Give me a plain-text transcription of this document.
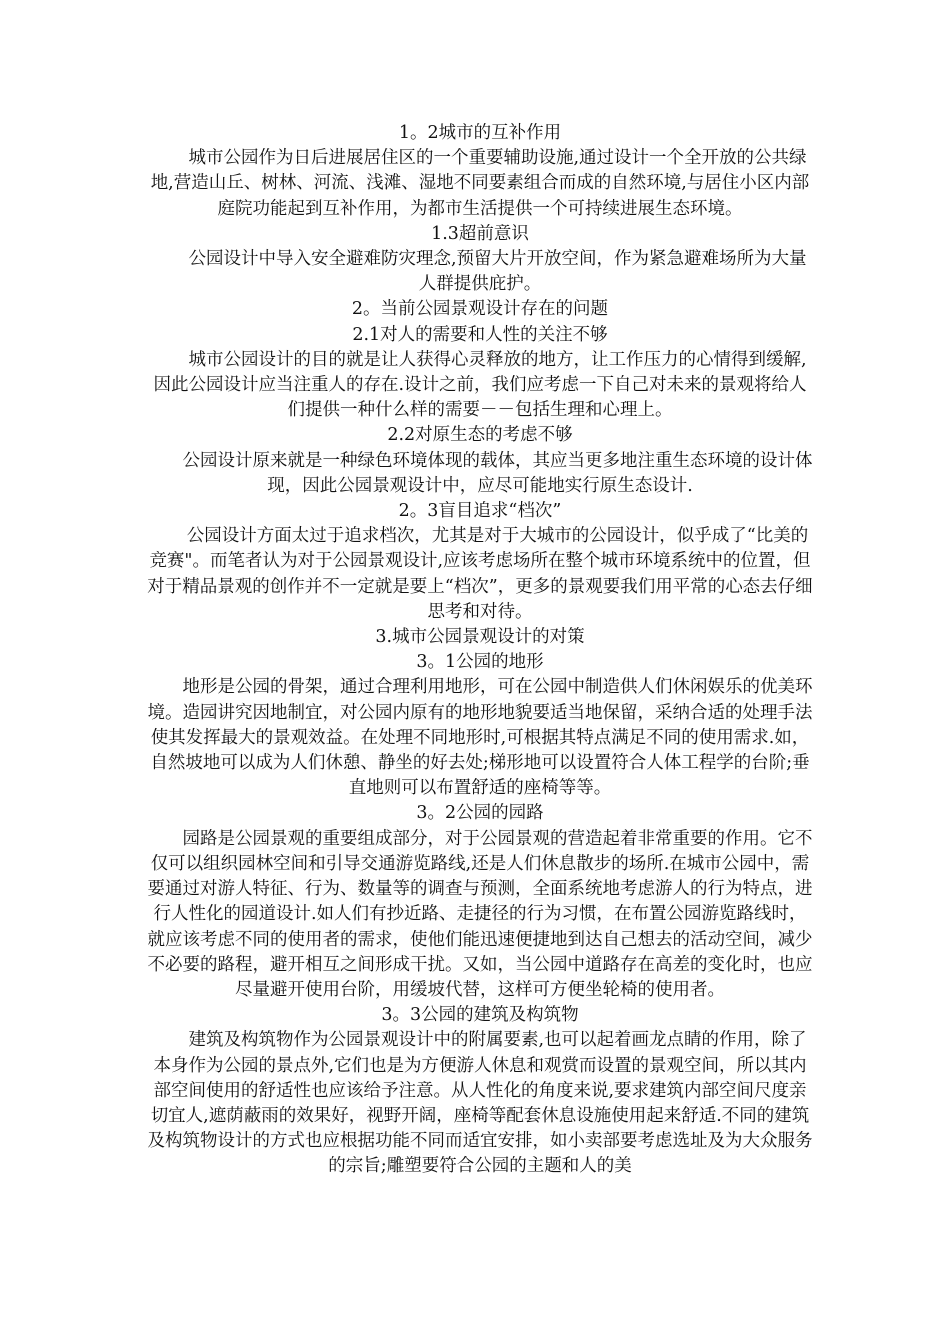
1。2城市的互补作用

城市公园作为日后进展居住区的一个重要辅助设施,通过设计一个全开放的公共绿地,营造山丘、树林、河流、浅滩、湿地不同要素组合而成的自然环境,与居住小区内部庭院功能起到互补作用，为都市生活提供一个可持续进展生态环境。

1.3超前意识

公园设计中导入安全避难防灾理念,预留大片开放空间，作为紧急避难场所为大量人群提供庇护。

2。当前公园景观设计存在的问题

2.1对人的需要和人性的关注不够

城市公园设计的目的就是让人获得心灵释放的地方，让工作压力的心情得到缓解,因此公园设计应当注重人的存在.设计之前，我们应考虑一下自己对未来的景观将给人们提供一种什么样的需要－－包括生理和心理上。

2.2对原生态的考虑不够

公园设计原来就是一种绿色环境体现的载体，其应当更多地注重生态环境的设计体现，因此公园景观设计中，应尽可能地实行原生态设计.

2。3盲目追求“档次”

公园设计方面太过于追求档次，尤其是对于大城市的公园设计，似乎成了“比美的竞赛"。而笔者认为对于公园景观设计,应该考虑场所在整个城市环境系统中的位置，但对于精品景观的创作并不一定就是要上“档次”，更多的景观要我们用平常的心态去仔细思考和对待。

3.城市公园景观设计的对策

3。1公园的地形

地形是公园的骨架，通过合理利用地形，可在公园中制造供人们休闲娱乐的优美环境。造园讲究因地制宜，对公园内原有的地形地貌要适当地保留，采纳合适的处理手法使其发挥最大的景观效益。在处理不同地形时,可根据其特点满足不同的使用需求.如，自然坡地可以成为人们休憩、静坐的好去处;梯形地可以设置符合人体工程学的台阶;垂直地则可以布置舒适的座椅等等。

3。2公园的园路

园路是公园景观的重要组成部分，对于公园景观的营造起着非常重要的作用。它不仅可以组织园林空间和引导交通游览路线,还是人们休息散步的场所.在城市公园中，需要通过对游人特征、行为、数量等的调查与预测，全面系统地考虑游人的行为特点，进行人性化的园道设计.如人们有抄近路、走捷径的行为习惯，在布置公园游览路线时，就应该考虑不同的使用者的需求，使他们能迅速便捷地到达自己想去的活动空间，减少不必要的路程，避开相互之间形成干扰。又如，当公园中道路存在高差的变化时，也应尽量避开使用台阶，用缓坡代替，这样可方便坐轮椅的使用者。

3。3公园的建筑及构筑物

建筑及构筑物作为公园景观设计中的附属要素,也可以起着画龙点睛的作用，除了本身作为公园的景点外,它们也是为方便游人休息和观赏而设置的景观空间，所以其内部空间使用的舒适性也应该给予注意。从人性化的角度来说,要求建筑内部空间尺度亲切宜人,遮荫蔽雨的效果好，视野开阔，座椅等配套休息设施使用起来舒适.不同的建筑及构筑物设计的方式也应根据功能不同而适宜安排，如小卖部要考虑选址及为大众服务的宗旨;雕塑要符合公园的主题和人的美
